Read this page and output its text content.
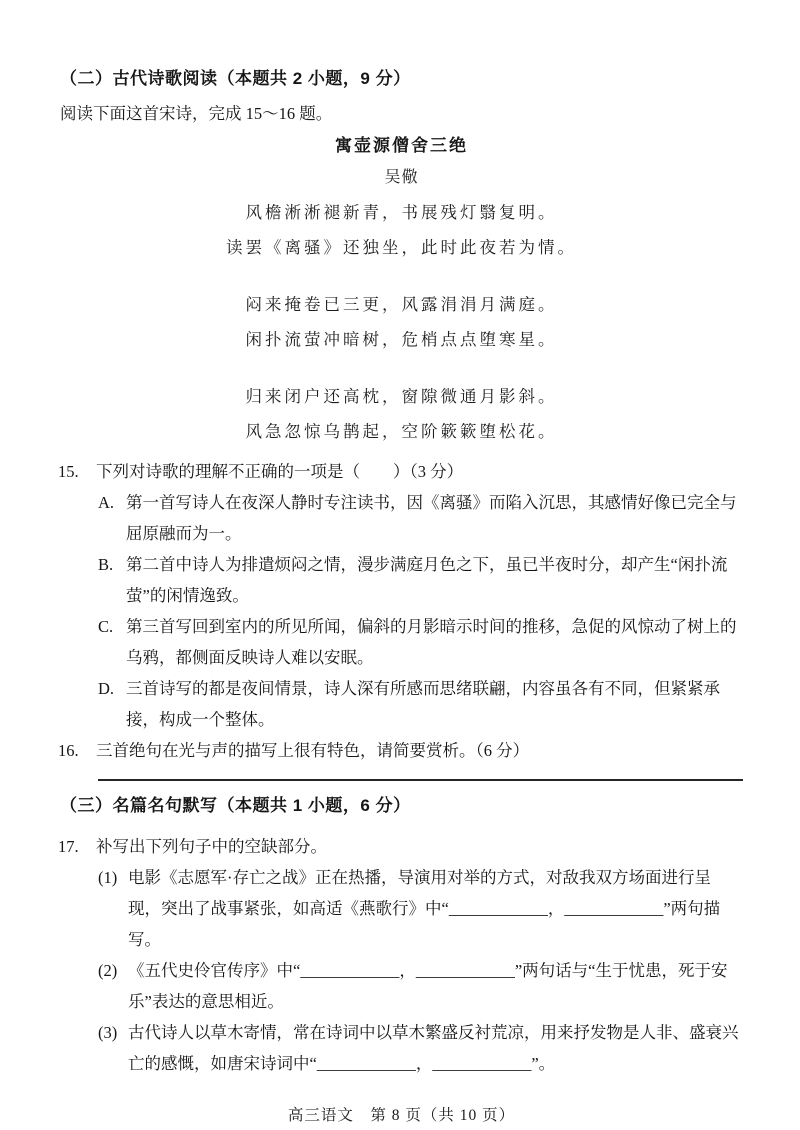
（二）古代诗歌阅读（本题共 2 小题，9 分）

阅读下面这首宋诗，完成 15～16 题。

寓壶源僧舍三绝
吴儆

风檐淅淅褪新青，书展残灯翳复明。

读罢《离骚》还独坐，此时此夜若为情。

闷来掩卷已三更，风露涓涓月满庭。

闲扑流萤冲暗树，危梢点点堕寒星。

归来闭户还高枕，窗隙微通月影斜。

风急忽惊乌鹊起，空阶簌簌堕松花。

15. 下列对诗歌的理解不正确的一项是（　　）（3 分）
A. 第一首写诗人在夜深人静时专注读书，因《离骚》而陷入沉思，其感情好像已完全与屈原融而为一。
B. 第二首中诗人为排遣烦闷之情，漫步满庭月色之下，虽已半夜时分，却产生“闲扑流萤”的闲情逸致。
C. 第三首写回到室内的所见所闻，偏斜的月影暗示时间的推移，急促的风惊动了树上的乌鸦，都侧面反映诗人难以安眠。
D. 三首诗写的都是夜间情景，诗人深有所感而思绪联翩，内容虽各有不同，但紧紧承接，构成一个整体。
16. 三首绝句在光与声的描写上很有特色，请简要赏析。（6 分）
（三）名篇名句默写（本题共 1 小题，6 分）
17. 补写出下列句子中的空缺部分。
(1) 电影《志愿军·存亡之战》正在热播，导演用对举的方式，对敌我双方场面进行呈现，突出了战事紧张，如高适《燕歌行》中“____________，____________”两句描写。
(2) 《五代史伶官传序》中“____________，____________”两句话与“生于忧患，死于安乐”表达的意思相近。
(3) 古代诗人以草木寄情，常在诗词中以草木繁盛反衬荒凉，用来抒发物是人非、盛衰兴亡的感慨，如唐宋诗词中“____________，____________”。
高三语文　第 8 页（共 10 页）
